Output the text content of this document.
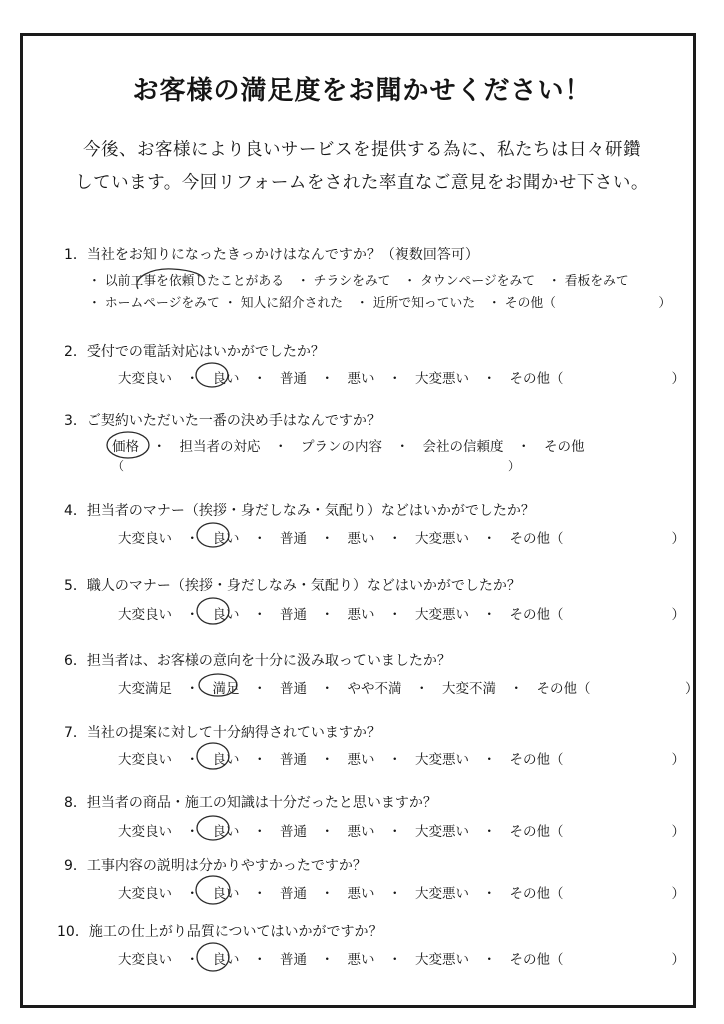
お客様の満足度をお聞かせください！

今後、お客様により良いサービスを提供する為に、私たちは日々研鑽

しています。今回リフォームをされた率直なご意見をお聞かせ下さい。

1．当社をお知りになったきっかけはなんですか？（複数回答可）

・ 以前工事を依頼したことがある　・ チラシをみて　・ タウンページをみて　・ 看板をみて

・ ホームページをみて ・ 知人に紹介された　・ 近所で知っていた　・ その他（　　　　　　　　）

2．受付での電話対応はいかがでしたか？

大変良い　・　良い　・　普通　・　悪い　・　大変悪い　・　その他（　　　　　　　　）

3．ご契約いただいた一番の決め手はなんですか？

価格　・　担当者の対応　・　プランの内容　・　会社の信頼度　・　その他

（　　　　　　　　　　　　　　　　　　　　　　　　　　　　　　　　）

4．担当者のマナー（挨拶・身だしなみ・気配り）などはいかがでしたか？

大変良い　・　良い　・　普通　・　悪い　・　大変悪い　・　その他（　　　　　　　　）

5．職人のマナー（挨拶・身だしなみ・気配り）などはいかがでしたか？

大変良い　・　良い　・　普通　・　悪い　・　大変悪い　・　その他（　　　　　　　　）

6．担当者は、お客様の意向を十分に汲み取っていましたか？

大変満足　・　満足　・　普通　・　やや不満　・　大変不満　・　その他（　　　　　　　）

7．当社の提案に対して十分納得されていますか？

大変良い　・　良い　・　普通　・　悪い　・　大変悪い　・　その他（　　　　　　　　）

8．担当者の商品・施工の知識は十分だったと思いますか？

大変良い　・　良い　・　普通　・　悪い　・　大変悪い　・　その他（　　　　　　　　）

9．工事内容の説明は分かりやすかったですか？

大変良い　・　良い　・　普通　・　悪い　・　大変悪い　・　その他（　　　　　　　　）

10．施工の仕上がり品質についてはいかがですか？

大変良い　・　良い　・　普通　・　悪い　・　大変悪い　・　その他（　　　　　　　　）
